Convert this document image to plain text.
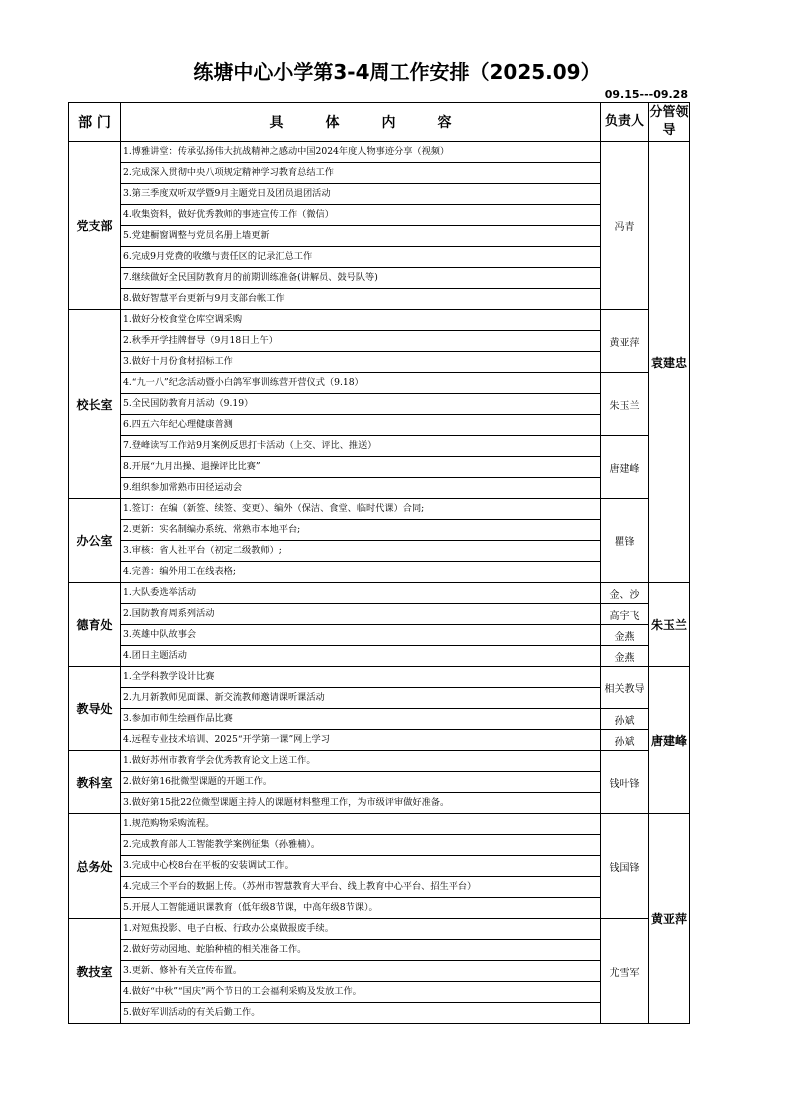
练塘中心小学第3-4周工作安排（2025.09）
09.15---09.28
部 门	具 体 内 容	负责人	分管领导
党支部	1.博雅讲堂：传承弘扬伟大抗战精神之感动中国2024年度人物事迹分享（视频）	冯青	袁建忠
	2.完成深入贯彻中央八项规定精神学习教育总结工作		
	3.第三季度双听双学暨9月主题党日及团员退团活动		
	4.收集资料，做好优秀教师的事迹宣传工作（微信）		
	5.党建橱窗调整与党员名册上墙更新		
	6.完成9月党费的收缴与责任区的记录汇总工作		
	7.继续做好全民国防教育月的前期训练准备(讲解员、鼓号队等)		
	8.做好智慧平台更新与9月支部台帐工作		
校长室	1.做好分校食堂仓库空调采购	黄亚萍	
	2.秋季开学挂牌督导（9月18日上午）		
	3.做好十月份食材招标工作		
	4.“九一八”纪念活动暨小白鸽军事训练营开营仪式（9.18）	朱玉兰	
	5.全民国防教育月活动（9.19）		
	6.四五六年纪心理健康普测		
	7.登峰读写工作站9月案例反思打卡活动（上交、评比、推送）	唐建峰	
	8.开展“九月出操、退操评比比赛”		
	9.组织参加常熟市田径运动会		
办公室	1.签订：在编（新签、续签、变更）、编外（保洁、食堂、临时代课）合同;	瞿锋	
	2.更新：实名制编办系统、常熟市本地平台;		
	3.审核：省人社平台（初定二级教师）;		
	4.完善：编外用工在线表格;		
德育处	1.大队委选举活动	金、沙	朱玉兰
	2.国防教育周系列活动	高宇飞	
	3.英雄中队故事会	金燕	
	4.团日主题活动	金燕	
教导处	1.全学科教学设计比赛	相关教导	唐建峰
	2.九月新教师见面课、新交流教师邀请课听课活动		
	3.参加市师生绘画作品比赛	孙斌	
	4.远程专业技术培训、2025“开学第一课”网上学习	孙斌	
教科室	1.做好苏州市教育学会优秀教育论文上送工作。	钱叶锋	
	2.做好第16批微型课题的开题工作。		
	3.做好第15批22位微型课题主持人的课题材料整理工作，为市级评审做好准备。		
总务处	1.规范购物采购流程。	钱国锋	黄亚萍
	2.完成教育部人工智能教学案例征集（孙雅楠）。		
	3.完成中心校8台在平板的安装调试工作。		
	4.完成三个平台的数据上传。（苏州市智慧教育大平台、线上教育中心平台、招生平台）		
	5.开展人工智能通识课教育（低年级8节课，中高年级8节课）。		
教技室	1.对短焦投影、电子白板、行政办公桌做报废手续。	尤雪军	
	2.做好劳动园地、蛇胎种植的相关准备工作。		
	3.更新、修补有关宣传布置。		
	4.做好“中秋”“国庆”两个节日的工会福利采购及发放工作。		
	5.做好军训活动的有关后勤工作。		
